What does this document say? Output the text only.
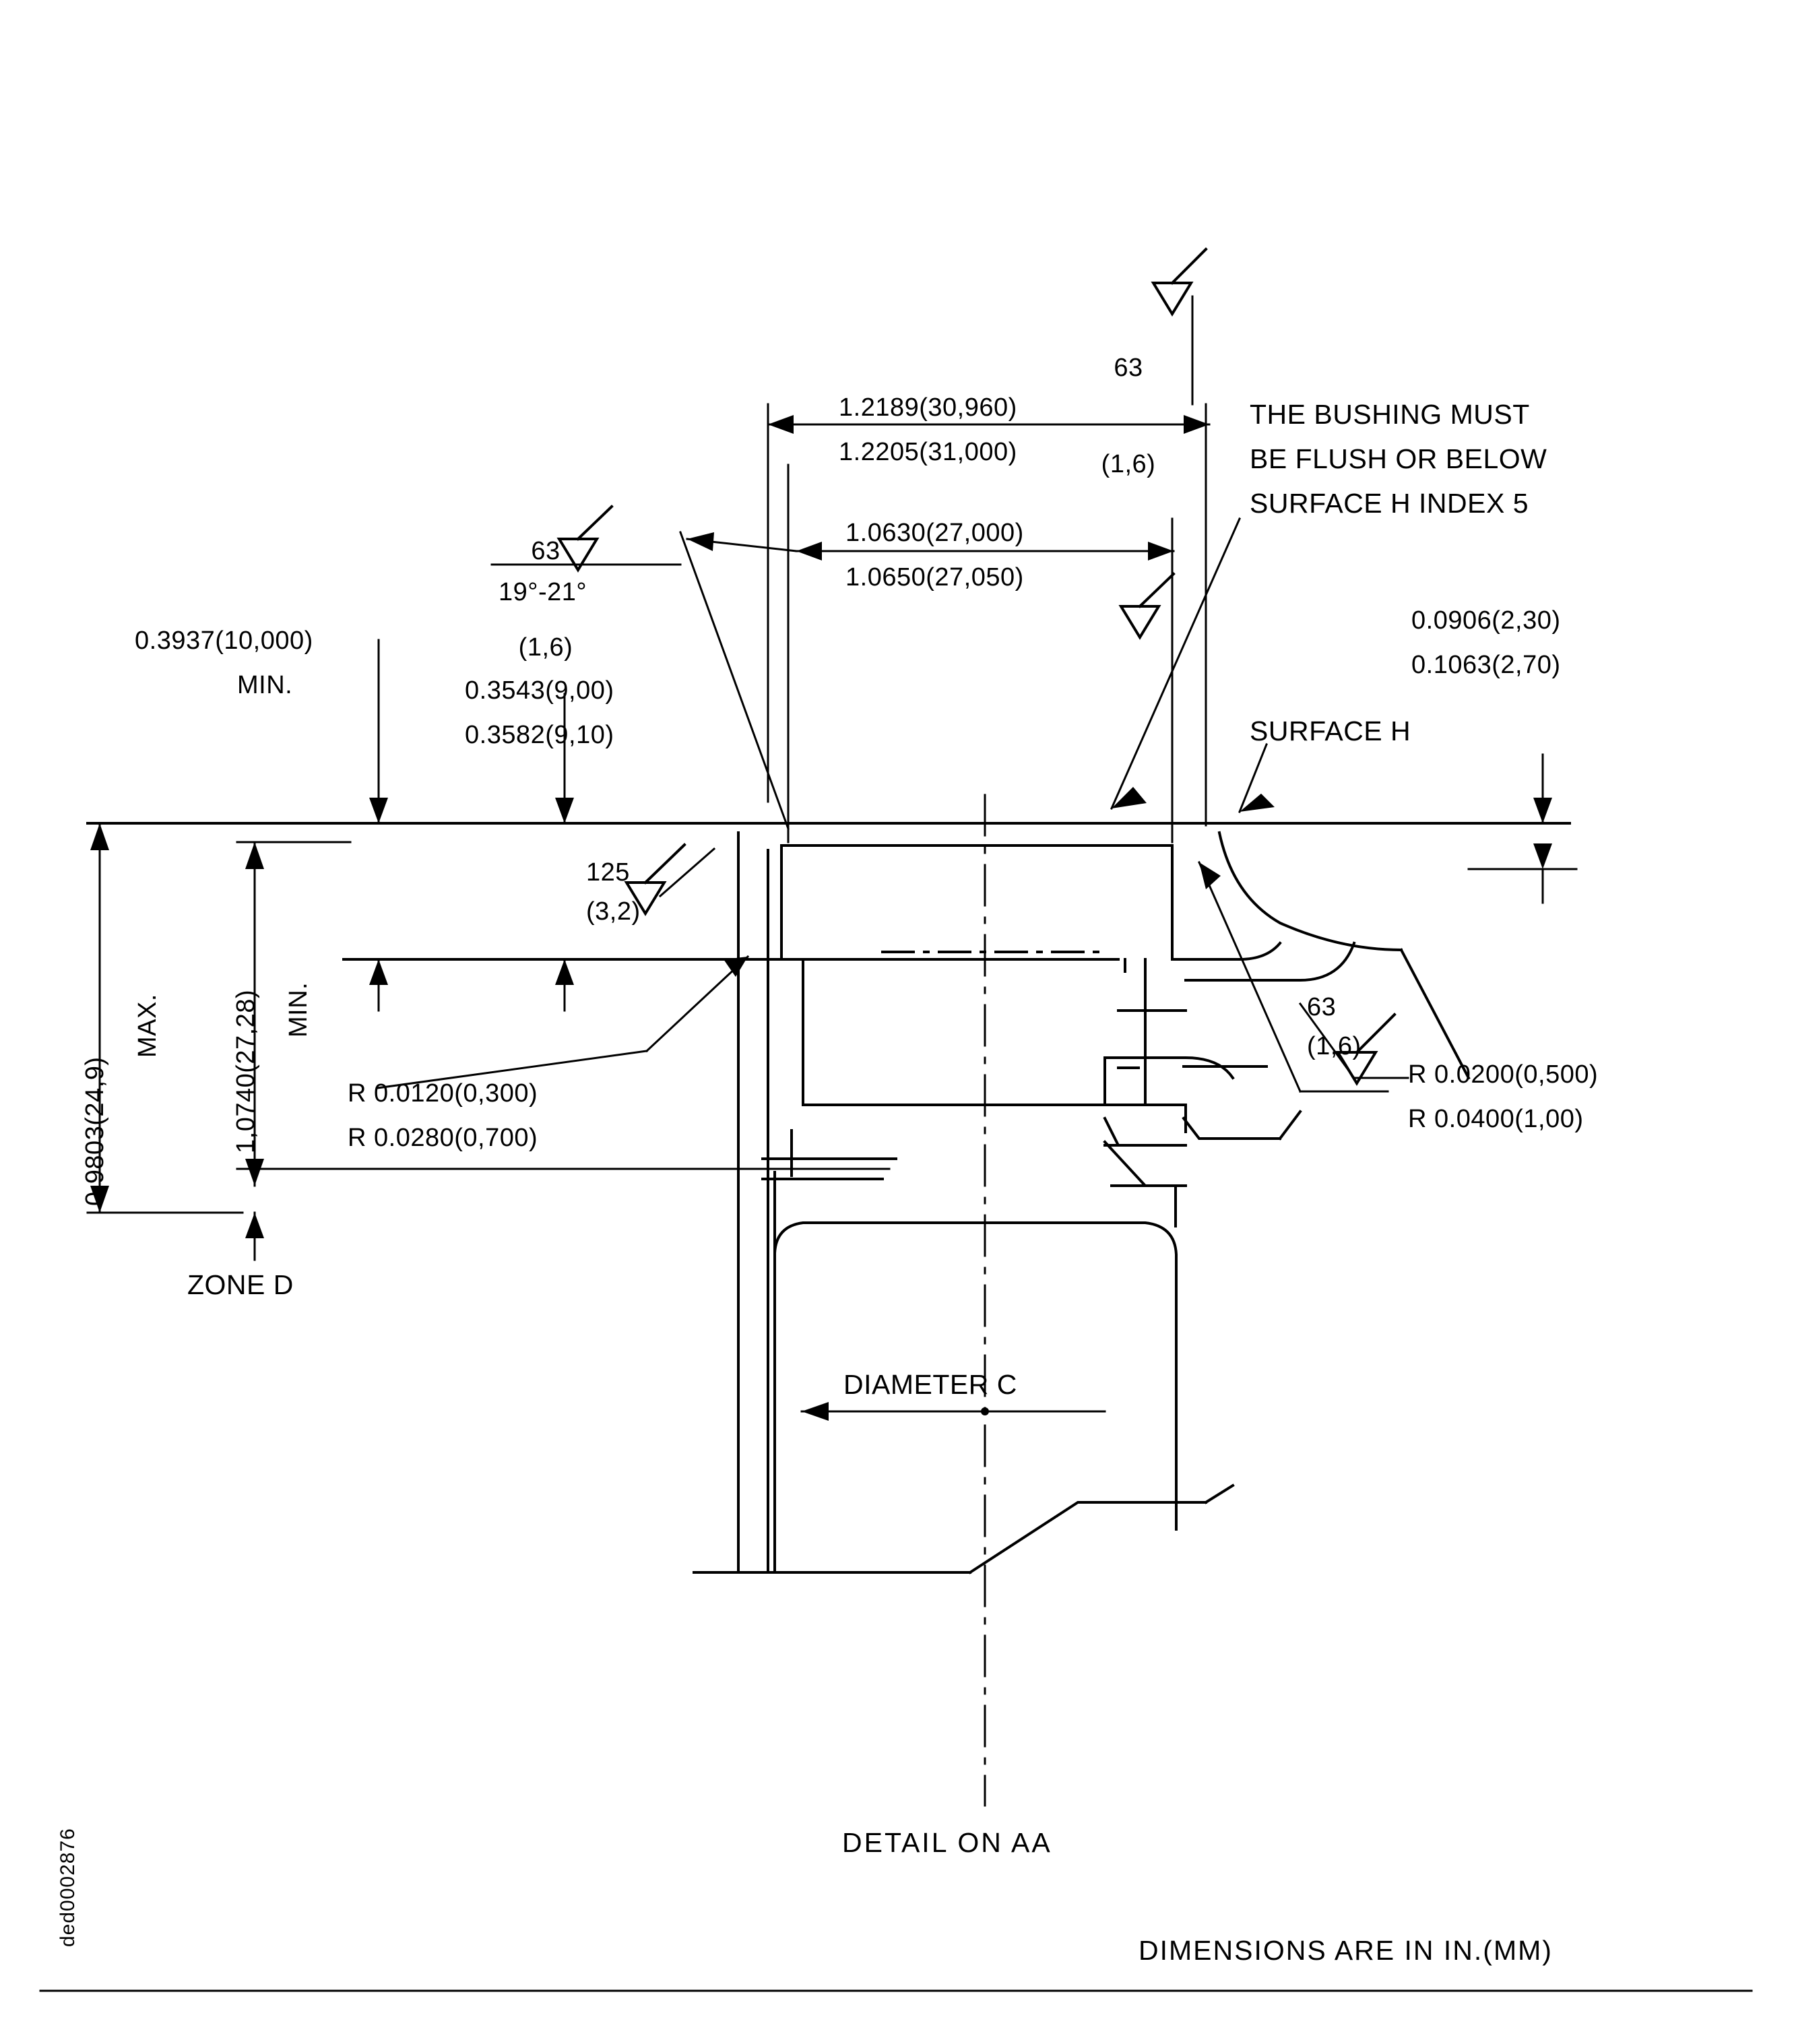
63

(1,6)

1.2189(30,960)
1.2205(31,000)
THE BUSHING MUST
BE FLUSH OR BELOW
SURFACE H INDEX 5

63

(1,6)

1.0630(27,000)
1.0650(27,050)
19°-21°
0.0906(2,30)
0.1063(2,70)
SURFACE H
0.3937(10,000)
MIN.	0.3543(9,00)
0.3582(9,10)
125
(3,2)
0.9803(24,9)
MAX.	1,0740(27,28) MIN.	63
(1,6)
R 0.0200(0,500)
R 0.0400(1,00)
R 0.0120(0,300)
R 0.0280(0,700)
ZONE D
DIAMETER C
DETAIL ON AA
DIMENSIONS ARE IN IN.(MM)
ded0002876
